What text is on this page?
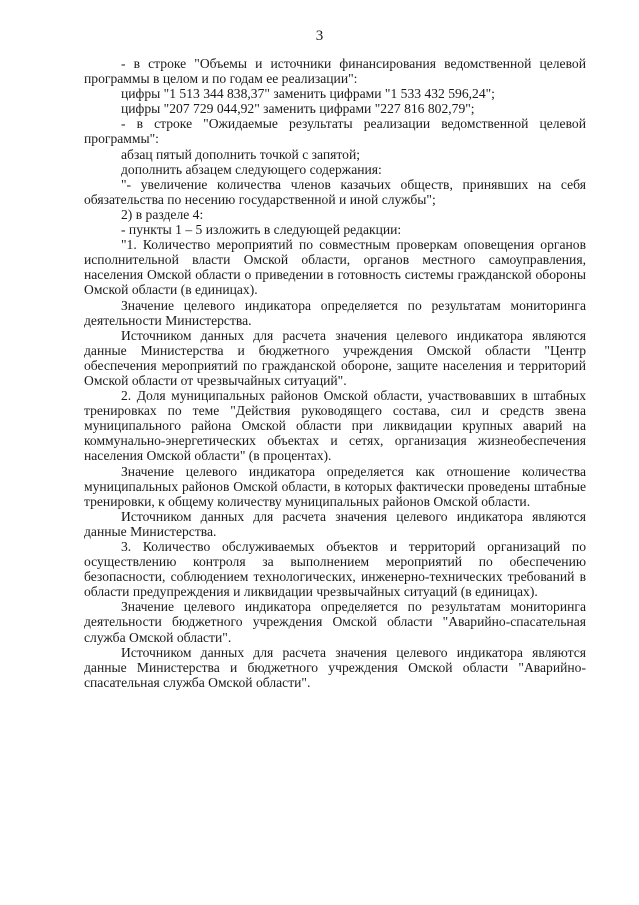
3

- в строке "Объемы и источники финансирования ведомственной целевой программы в целом и по годам ее реализации":

цифры "1 513 344 838,37" заменить цифрами "1 533 432 596,24";

цифры "207 729 044,92" заменить цифрами "227 816 802,79";

- в строке "Ожидаемые результаты реализации ведомственной целевой программы":

абзац пятый дополнить точкой с запятой;

дополнить абзацем следующего содержания:

"- увеличение количества членов казачьих обществ, принявших на себя обязательства по несению государственной и иной службы";

2) в разделе 4:

- пункты 1 – 5 изложить в следующей редакции:

"1. Количество мероприятий по совместным проверкам оповещения органов исполнительной власти Омской области, органов местного самоуправления, населения Омской области о приведении в готовность системы гражданской обороны Омской области (в единицах).

Значение целевого индикатора определяется по результатам мониторинга деятельности Министерства.

Источником данных для расчета значения целевого индикатора являются данные Министерства и бюджетного учреждения Омской области "Центр обеспечения мероприятий по гражданской обороне, защите населения и территорий Омской области от чрезвычайных ситуаций".

2. Доля муниципальных районов Омской области, участвовавших в штабных тренировках по теме "Действия руководящего состава, сил и средств звена муниципального района Омской области при ликвидации крупных аварий на коммунально-энергетических объектах и сетях, организация жизнеобеспечения населения Омской области" (в процентах).

Значение целевого индикатора определяется как отношение количества муниципальных районов Омской области, в которых фактически проведены штабные тренировки, к общему количеству муниципальных районов Омской области.

Источником данных для расчета значения целевого индикатора являются данные Министерства.

3. Количество обслуживаемых объектов и территорий организаций по осуществлению контроля за выполнением мероприятий по обеспечению безопасности, соблюдением технологических, инженерно-технических требований в области предупреждения и ликвидации чрезвычайных ситуаций (в единицах).

Значение целевого индикатора определяется по результатам мониторинга деятельности бюджетного учреждения Омской области "Аварийно-спасательная служба Омской области".

Источником данных для расчета значения целевого индикатора являются данные Министерства и бюджетного учреждения Омской области "Аварийно-спасательная служба Омской области".
